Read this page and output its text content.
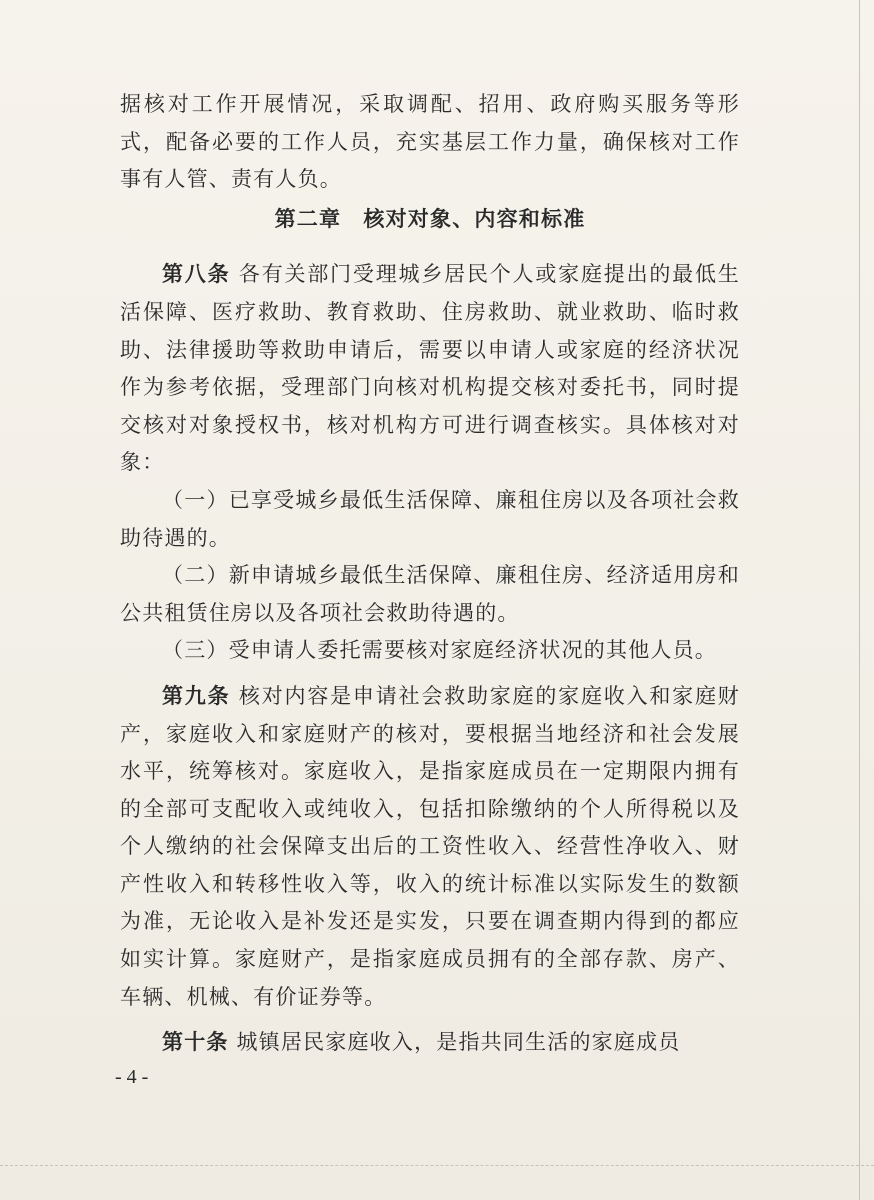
据核对工作开展情况，采取调配、招用、政府购买服务等形式，配备必要的工作人员，充实基层工作力量，确保核对工作事有人管、责有人负。

第二章　核对对象、内容和标准

第八条 各有关部门受理城乡居民个人或家庭提出的最低生活保障、医疗救助、教育救助、住房救助、就业救助、临时救助、法律援助等救助申请后，需要以申请人或家庭的经济状况作为参考依据，受理部门向核对机构提交核对委托书，同时提交核对对象授权书，核对机构方可进行调查核实。具体核对对象：

（一）已享受城乡最低生活保障、廉租住房以及各项社会救助待遇的。

（二）新申请城乡最低生活保障、廉租住房、经济适用房和公共租赁住房以及各项社会救助待遇的。

（三）受申请人委托需要核对家庭经济状况的其他人员。

第九条 核对内容是申请社会救助家庭的家庭收入和家庭财产，家庭收入和家庭财产的核对，要根据当地经济和社会发展水平，统筹核对。家庭收入，是指家庭成员在一定期限内拥有的全部可支配收入或纯收入，包括扣除缴纳的个人所得税以及个人缴纳的社会保障支出后的工资性收入、经营性净收入、财产性收入和转移性收入等，收入的统计标准以实际发生的数额为准，无论收入是补发还是实发，只要在调查期内得到的都应如实计算。家庭财产，是指家庭成员拥有的全部存款、房产、车辆、机械、有价证券等。

第十条 城镇居民家庭收入，是指共同生活的家庭成员

- 4 -
